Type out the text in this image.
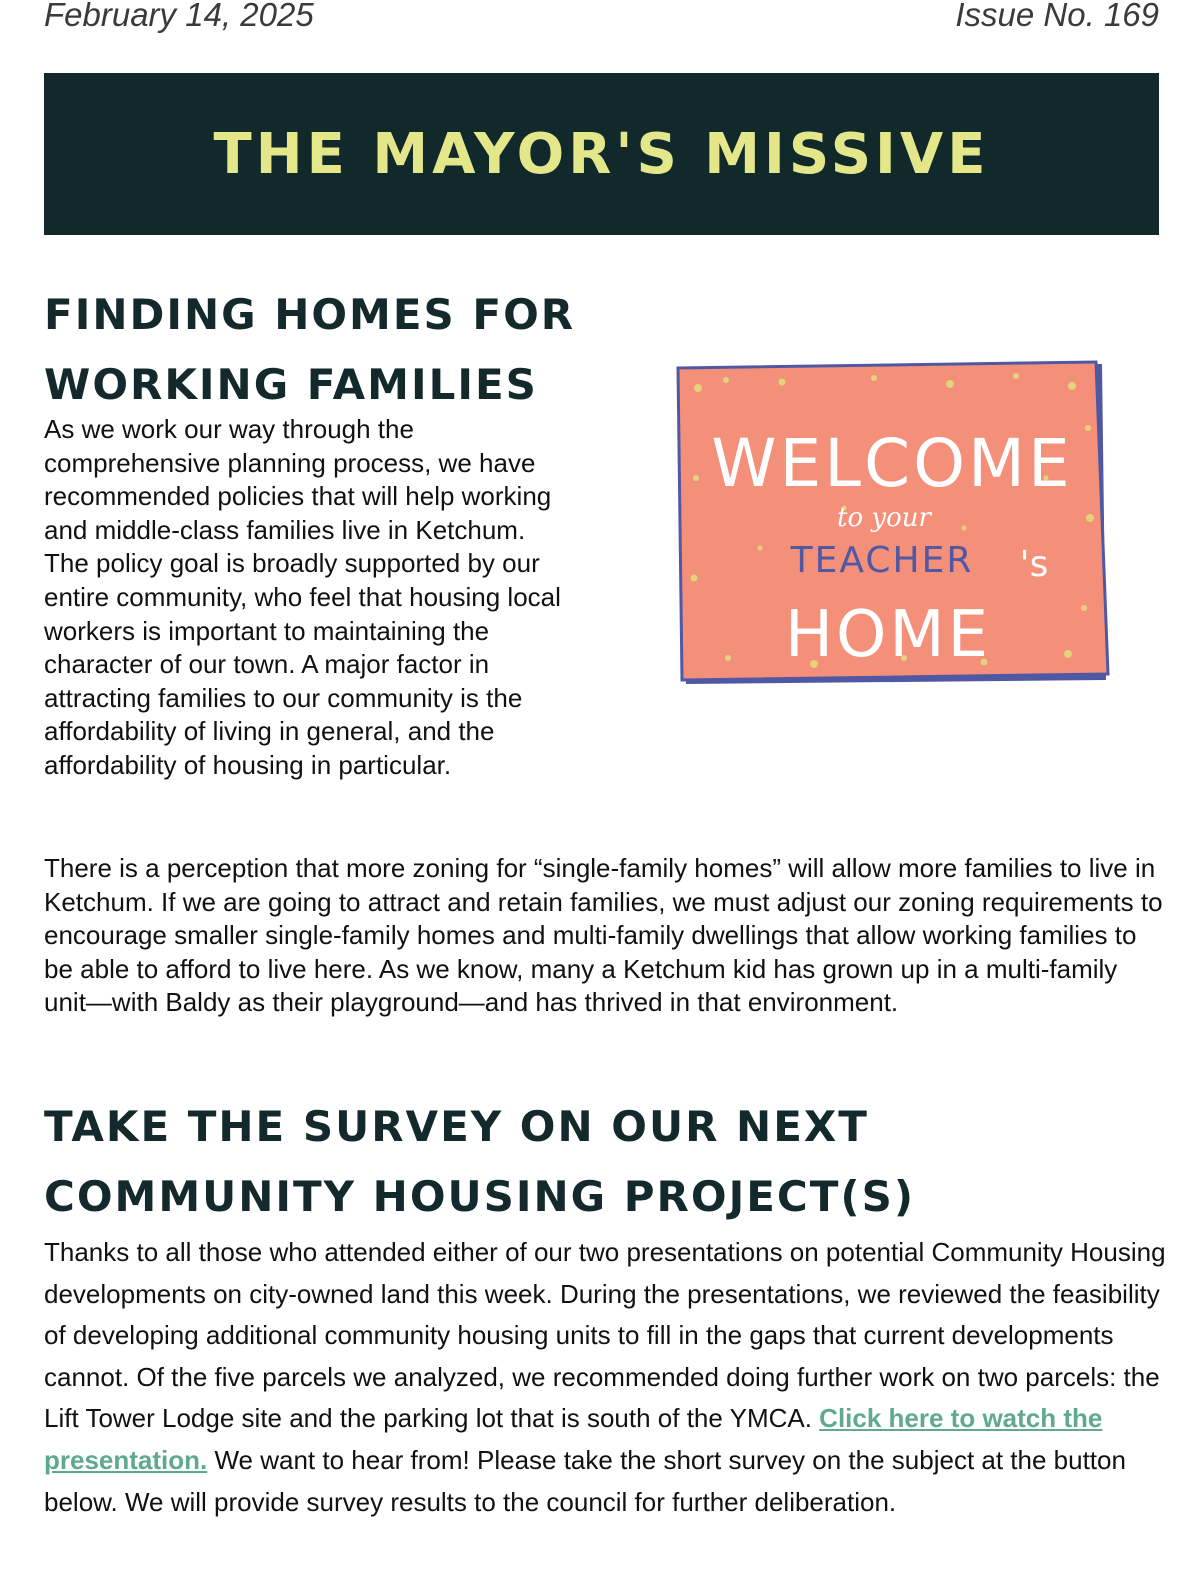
February 14, 2025	Issue No. 169
THE MAYOR'S MISSIVE
FINDING HOMES FOR WORKING FAMILIES

As we work our way through the comprehensive planning process, we have recommended policies that will help working and middle-class families live in Ketchum. The policy goal is broadly supported by our entire community, who feel that housing local workers is important to maintaining the character of our town. A major factor in attracting families to our community is the affordability of living in general, and the affordability of housing in particular.

WELCOME
to your
TEACHER 's
HOME

There is a perception that more zoning for “single-family homes” will allow more families to live in Ketchum. If we are going to attract and retain families, we must adjust our zoning requirements to encourage smaller single-family homes and multi-family dwellings that allow working families to be able to afford to live here. As we know, many a Ketchum kid has grown up in a multi-family unit—with Baldy as their playground—and has thrived in that environment.

TAKE THE SURVEY ON OUR NEXT COMMUNITY HOUSING PROJECT(S)

Thanks to all those who attended either of our two presentations on potential Community Housing developments on city-owned land this week. During the presentations, we reviewed the feasibility of developing additional community housing units to fill in the gaps that current developments cannot. Of the five parcels we analyzed, we recommended doing further work on two parcels: the Lift Tower Lodge site and the parking lot that is south of the YMCA. Click here to watch the presentation. We want to hear from! Please take the short survey on the subject at the button below. We will provide survey results to the council for further deliberation.
